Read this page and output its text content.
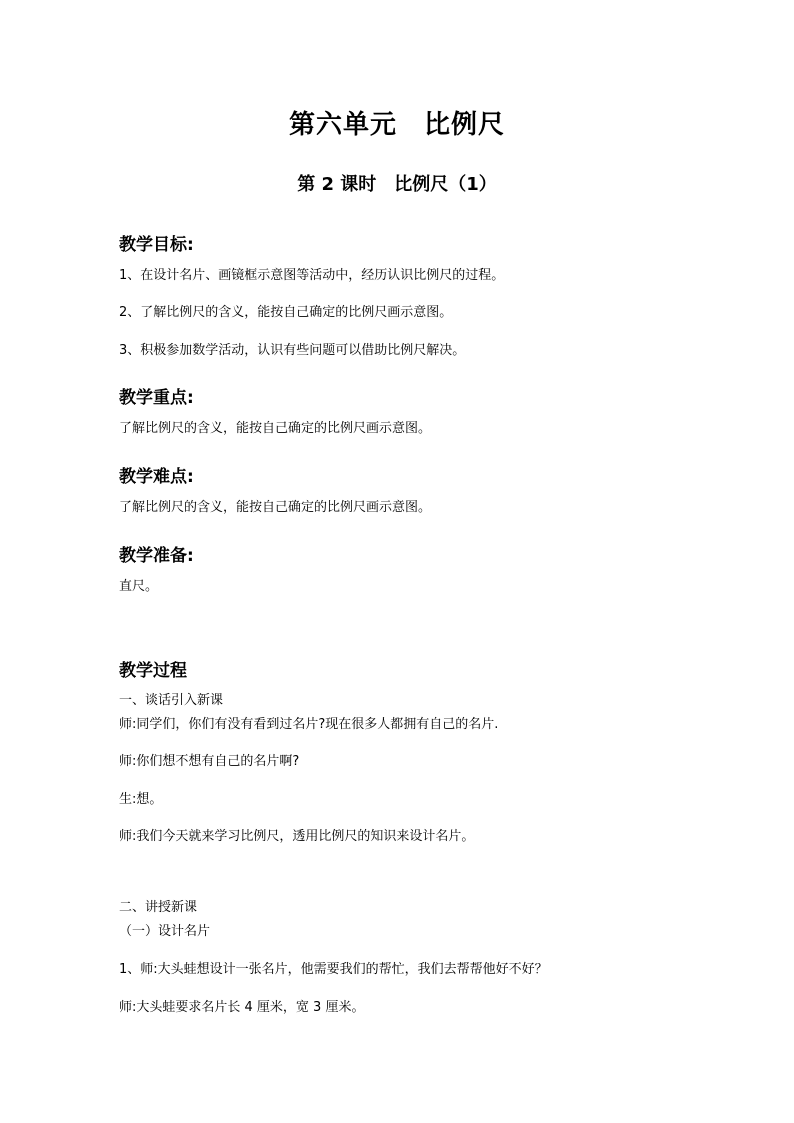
第六单元　比例尺
第 2 课时　比例尺（1）
教学目标:
1、在设计名片、画镜框示意图等活动中，经历认识比例尺的过程。
2、了解比例尺的含义，能按自己确定的比例尺画示意图。
3、积极参加数学活动，认识有些问题可以借助比例尺解决。
教学重点:
了解比例尺的含义，能按自己确定的比例尺画示意图。
教学难点:
了解比例尺的含义，能按自己确定的比例尺画示意图。
教学准备:
直尺。
教学过程
一、谈话引入新课
师:同学们，你们有没有看到过名片?现在很多人都拥有自己的名片.
师:你们想不想有自己的名片啊?
生:想。
师:我们今天就来学习比例尺，透用比例尺的知识来设计名片。
二、讲授新课
（一）设计名片
1、师:大头蛙想设计一张名片，他需要我们的帮忙，我们去帮帮他好不好？
师:大头蛙要求名片长 4 厘米，宽 3 厘米。
